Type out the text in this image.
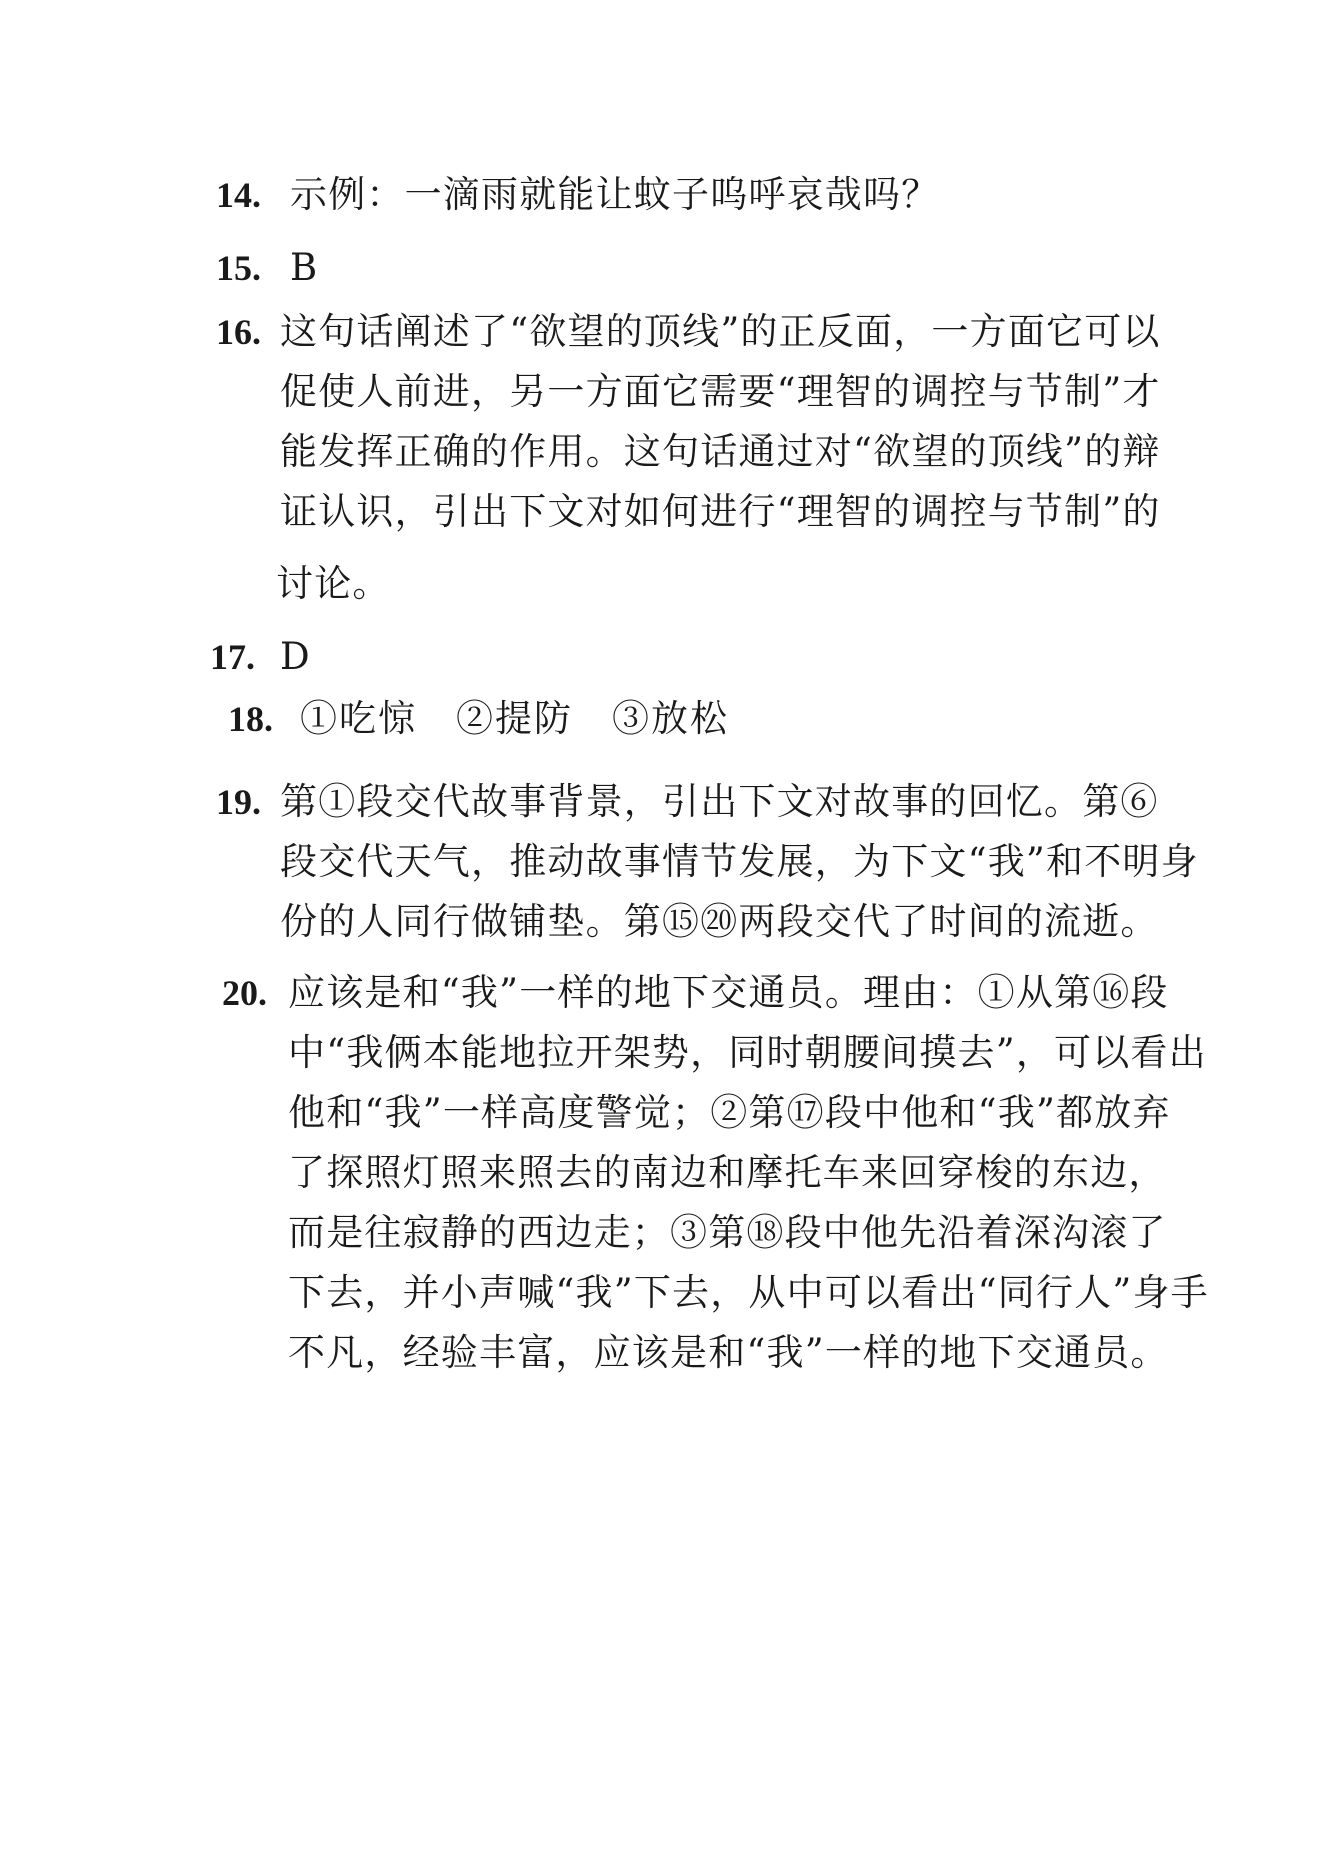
14. 示例：一滴雨就能让蚊子呜呼哀哉吗？
15. B
16. 这句话阐述了“欲望的顶线”的正反面，一方面它可以
促使人前进，另一方面它需要“理智的调控与节制”才
能发挥正确的作用。这句话通过对“欲望的顶线”的辩
证认识，引出下文对如何进行“理智的调控与节制”的
讨论。
17. D
18. ①吃惊　②提防　③放松
19. 第①段交代故事背景，引出下文对故事的回忆。第⑥
段交代天气，推动故事情节发展，为下文“我”和不明身
份的人同行做铺垫。第⑮⑳两段交代了时间的流逝。
20. 应该是和“我”一样的地下交通员。理由：①从第⑯段
中“我俩本能地拉开架势，同时朝腰间摸去”，可以看出
他和“我”一样高度警觉；②第⑰段中他和“我”都放弃
了探照灯照来照去的南边和摩托车来回穿梭的东边，
而是往寂静的西边走；③第⑱段中他先沿着深沟滚了
下去，并小声喊“我”下去，从中可以看出“同行人”身手
不凡，经验丰富，应该是和“我”一样的地下交通员。
